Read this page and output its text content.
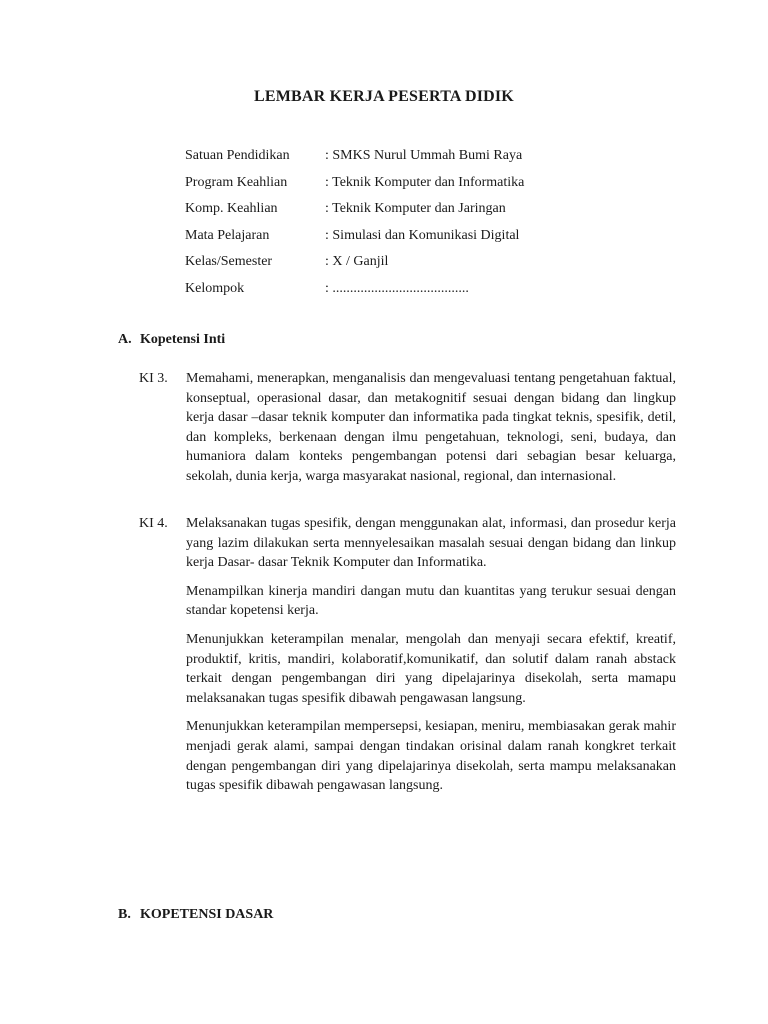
LEMBAR KERJA PESERTA DIDIK
Satuan Pendidikan	: SMKS Nurul Ummah Bumi Raya
Program Keahlian	: Teknik Komputer dan Informatika
Komp. Keahlian	: Teknik Komputer dan Jaringan
Mata Pelajaran	: Simulasi dan Komunikasi Digital
Kelas/Semester	: X / Ganjil
Kelompok	: .......................................
A. Kopetensi Inti
KI 3.	Memahami, menerapkan, menganalisis dan mengevaluasi tentang pengetahuan faktual, konseptual, operasional dasar, dan metakognitif sesuai dengan bidang dan lingkup kerja dasar –dasar teknik komputer dan informatika pada tingkat teknis, spesifik, detil, dan kompleks, berkenaan dengan ilmu pengetahuan, teknologi, seni, budaya, dan humaniora dalam konteks pengembangan potensi dari sebagian besar keluarga, sekolah, dunia kerja, warga masyarakat nasional, regional, dan internasional.
KI 4.	Melaksanakan tugas spesifik, dengan menggunakan alat, informasi, dan prosedur kerja yang lazim dilakukan serta mennyelesaikan masalah sesuai dengan bidang dan linkup kerja Dasar- dasar Teknik Komputer dan Informatika.
Menampilkan kinerja mandiri dangan mutu dan kuantitas yang terukur sesuai dengan standar kopetensi kerja.
Menunjukkan keterampilan menalar, mengolah dan menyaji secara efektif, kreatif, produktif, kritis, mandiri, kolaboratif,komunikatif, dan solutif dalam ranah abstack terkait dengan pengembangan diri yang dipelajarinya disekolah, serta mamapu melaksanakan tugas spesifik dibawah pengawasan langsung.
Menunjukkan keterampilan mempersepsi, kesiapan, meniru, membiasakan gerak mahir menjadi gerak alami, sampai dengan tindakan orisinal dalam ranah kongkret terkait dengan pengembangan diri yang dipelajarinya disekolah, serta mampu melaksanakan tugas spesifik dibawah pengawasan langsung.
B. KOPETENSI DASAR
